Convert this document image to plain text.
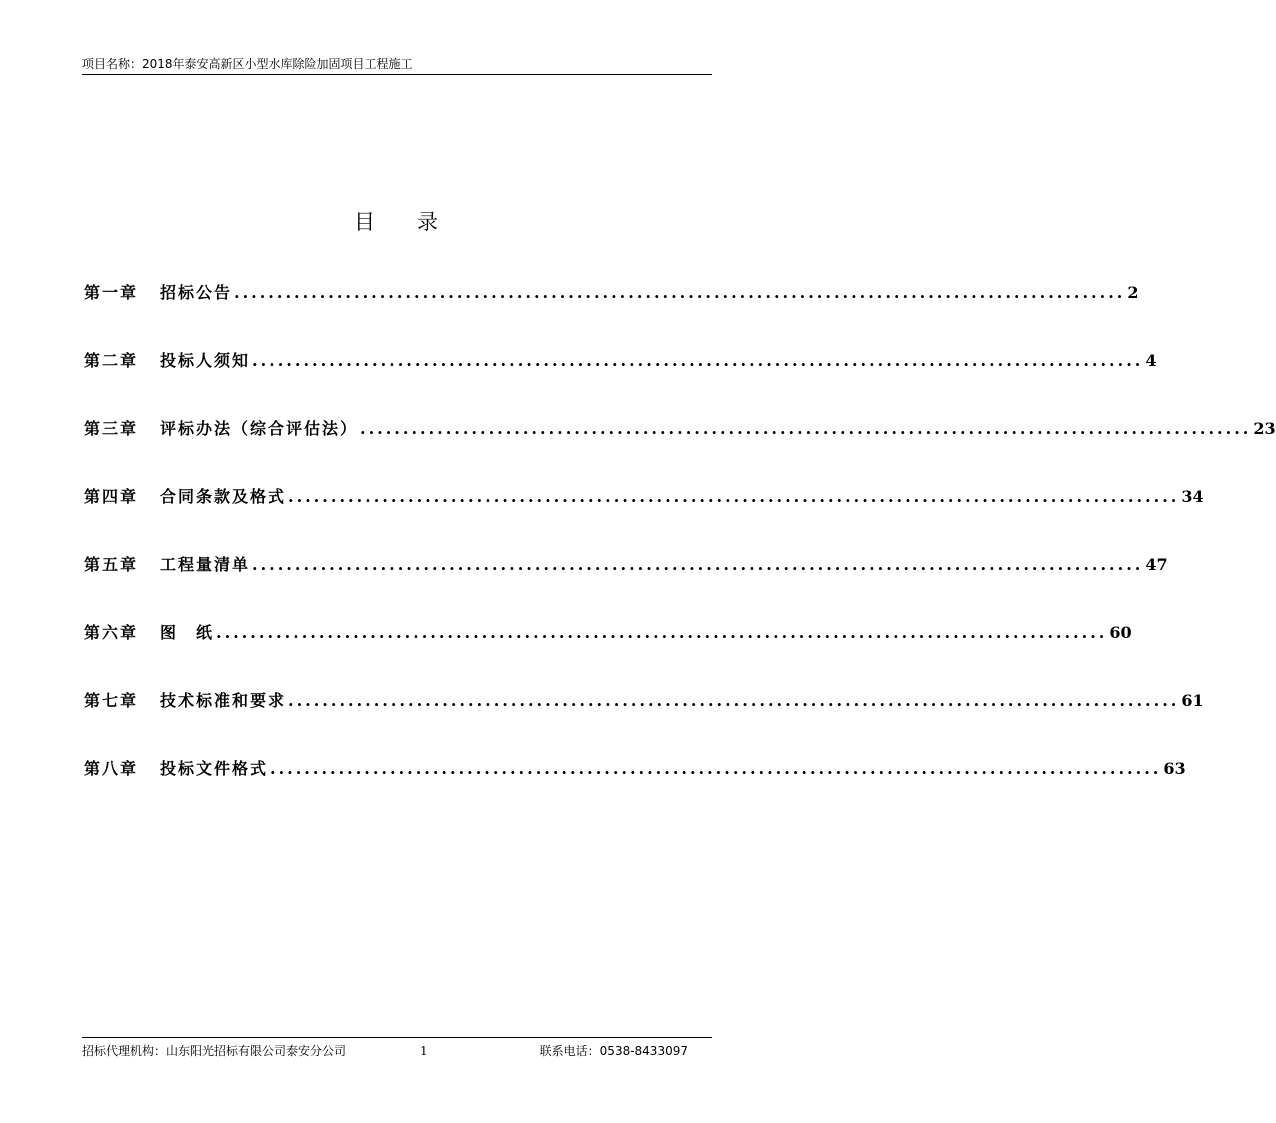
项目名称：2018年泰安高新区小型水库除险加固项目工程施工
目 录
第一章	招标公告 ........................................................................................................ 2
第二章	投标人须知 ........................................................................................................ 4
第三章	评标办法（综合评估法） ........................................................................................................ 23
第四章	合同条款及格式 ........................................................................................................ 34
第五章	工程量清单 ........................................................................................................ 47
第六章	图　纸 ........................................................................................................ 60
第七章	技术标准和要求 ........................................................................................................ 61
第八章	投标文件格式 ........................................................................................................ 63
招标代理机构：山东阳光招标有限公司泰安分公司	1	联系电话：0538-8433097
